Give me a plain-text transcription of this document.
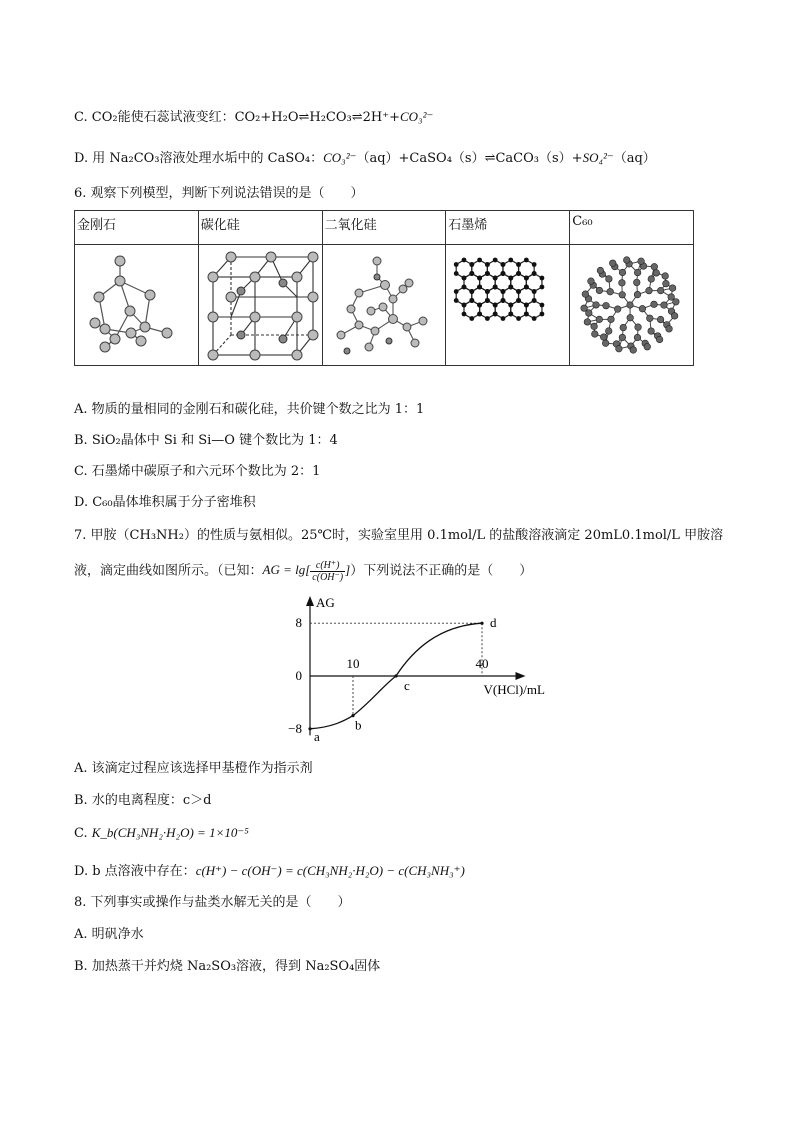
C. CO₂能使石蕊试液变红：CO₂+H₂O⇌H₂CO₃⇌2H⁺+CO₃²⁻
D. 用 Na₂CO₃溶液处理水垢中的 CaSO₄：CO₃²⁻（aq）+CaSO₄（s）⇌CaCO₃（s）+SO₄²⁻（aq）
6. 观察下列模型，判断下列说法错误的是（　　）
金刚石	碳化硅	二氧化硅	石墨烯	C₆₀

A. 物质的量相同的金刚石和碳化硅，共价键个数之比为 1：1
B. SiO₂晶体中 Si 和 Si—O 键个数比为 1：4
C. 石墨烯中碳原子和六元环个数比为 2：1
D. C₆₀晶体堆积属于分子密堆积
7. 甲胺（CH₃NH₂）的性质与氨相似。25℃时，实验室里用 0.1mol/L 的盐酸溶液滴定 20mL0.1mol/L 甲胺溶
液，滴定曲线如图所示。（已知：AG = $\lg[ \frac{c(H^+)}{c(OH^-)}$ ]）下列说法不正确的是（　　）
AG
V(HCl)/mL
8
0
−8
10	40
a
b
c
d
A. 该滴定过程应该选择甲基橙作为指示剂
B. 水的电离程度：c＞d
C. K_b(CH₃NH₂·H₂O) = 1×10⁻⁵
D. b 点溶液中存在：c(H⁺) − c(OH⁻) = c(CH₃NH₂·H₂O) − c(CH₃NH₃⁺)
8. 下列事实或操作与盐类水解无关的是（　　）
A. 明矾净水
B. 加热蒸干并灼烧 Na₂SO₃溶液，得到 Na₂SO₄固体
